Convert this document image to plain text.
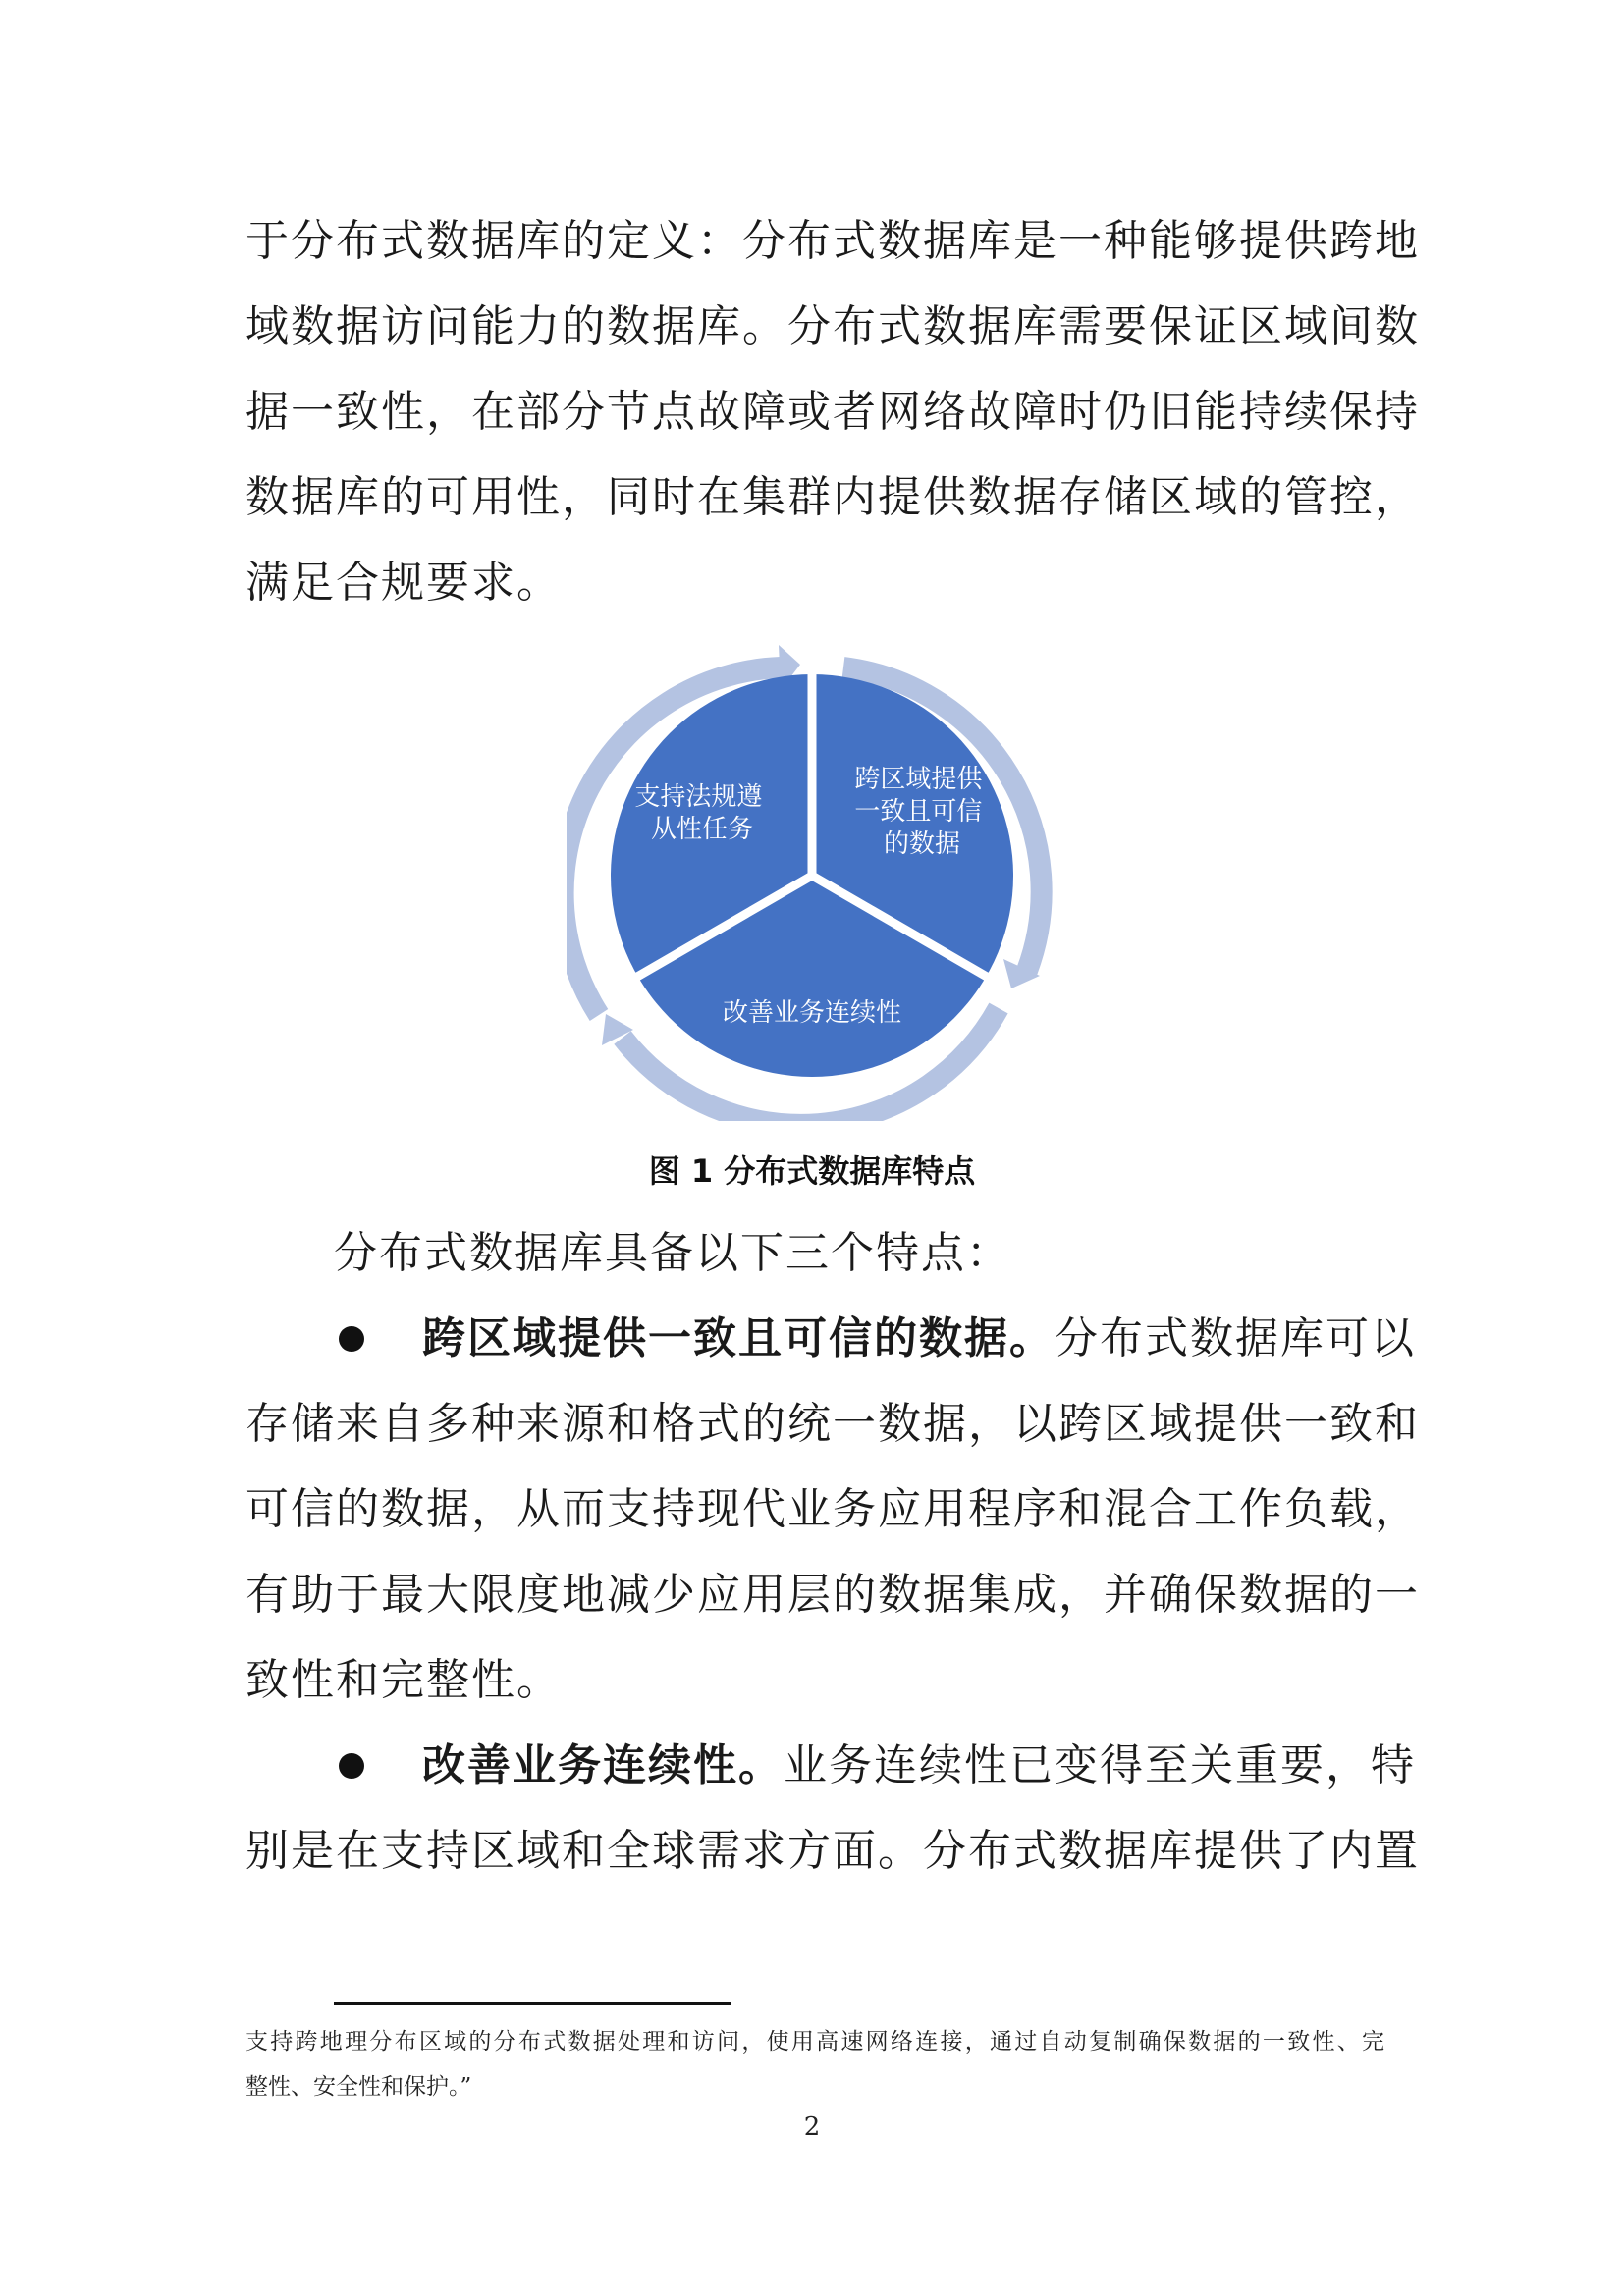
于分布式数据库的定义：分布式数据库是一种能够提供跨地
域数据访问能力的数据库。分布式数据库需要保证区域间数
据一致性，在部分节点故障或者网络故障时仍旧能持续保持
数据库的可用性，同时在集群内提供数据存储区域的管控，
满足合规要求。
支持法规遵 从性任务
跨区域提供 一致且可信 的数据
改善业务连续性
图 1 分布式数据库特点
分布式数据库具备以下三个特点：
跨区域提供一致且可信的数据。分布式数据库可以
存储来自多种来源和格式的统一数据，以跨区域提供一致和
可信的数据，从而支持现代业务应用程序和混合工作负载，
有助于最大限度地减少应用层的数据集成，并确保数据的一
致性和完整性。
改善业务连续性。业务连续性已变得至关重要，特
别是在支持区域和全球需求方面。分布式数据库提供了内置
支持跨地理分布区域的分布式数据处理和访问，使用高速网络连接，通过自动复制确保数据的一致性、完
整性、安全性和保护。”
2
